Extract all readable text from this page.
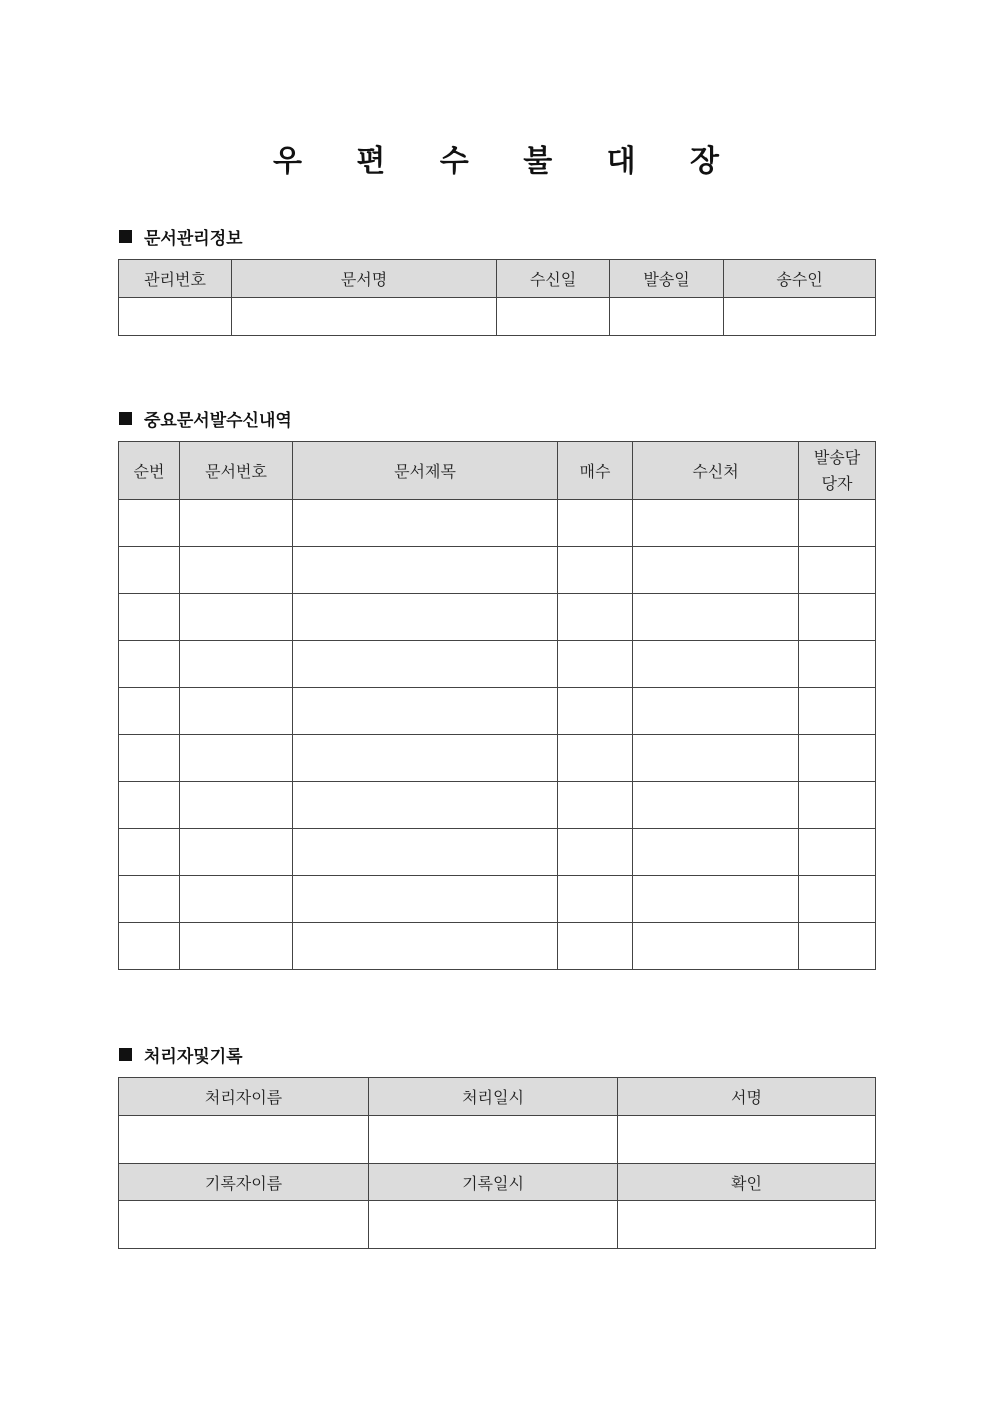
우 편 수 불 대 장
문서관리정보
관리번호	문서명	수신일	발송일	송수인

중요문서발수신내역
순번	문서번호	문서제목	매수	수신처	발송담
당자

처리자및기록
처리자이름	처리일시	서명

기록자이름	기록일시	확인
